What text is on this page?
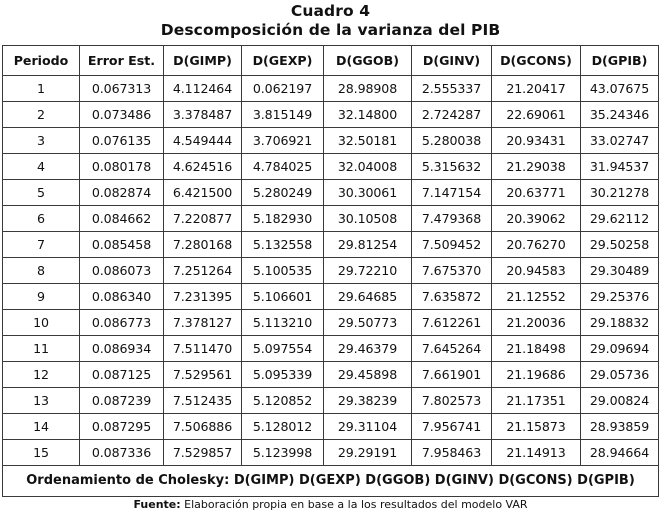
Cuadro 4
Descomposición de la varianza del PIB
Periodo	Error Est.	D(GIMP)	D(GEXP)	D(GGOB)	D(GINV)	D(GCONS)	D(GPIB)
1	0.067313	4.112464	0.062197	28.98908	2.555337	21.20417	43.07675
2	0.073486	3.378487	3.815149	32.14800	2.724287	22.69061	35.24346
3	0.076135	4.549444	3.706921	32.50181	5.280038	20.93431	33.02747
4	0.080178	4.624516	4.784025	32.04008	5.315632	21.29038	31.94537
5	0.082874	6.421500	5.280249	30.30061	7.147154	20.63771	30.21278
6	0.084662	7.220877	5.182930	30.10508	7.479368	20.39062	29.62112
7	0.085458	7.280168	5.132558	29.81254	7.509452	20.76270	29.50258
8	0.086073	7.251264	5.100535	29.72210	7.675370	20.94583	29.30489
9	0.086340	7.231395	5.106601	29.64685	7.635872	21.12552	29.25376
10	0.086773	7.378127	5.113210	29.50773	7.612261	21.20036	29.18832
11	0.086934	7.511470	5.097554	29.46379	7.645264	21.18498	29.09694
12	0.087125	7.529561	5.095339	29.45898	7.661901	21.19686	29.05736
13	0.087239	7.512435	5.120852	29.38239	7.802573	21.17351	29.00824
14	0.087295	7.506886	5.128012	29.31104	7.956741	21.15873	28.93859
15	0.087336	7.529857	5.123998	29.29191	7.958463	21.14913	28.94664
Ordenamiento de Cholesky: D(GIMP) D(GEXP) D(GGOB) D(GINV) D(GCONS) D(GPIB)							
Fuente: Elaboración propia en base a la los resultados del modelo VAR
